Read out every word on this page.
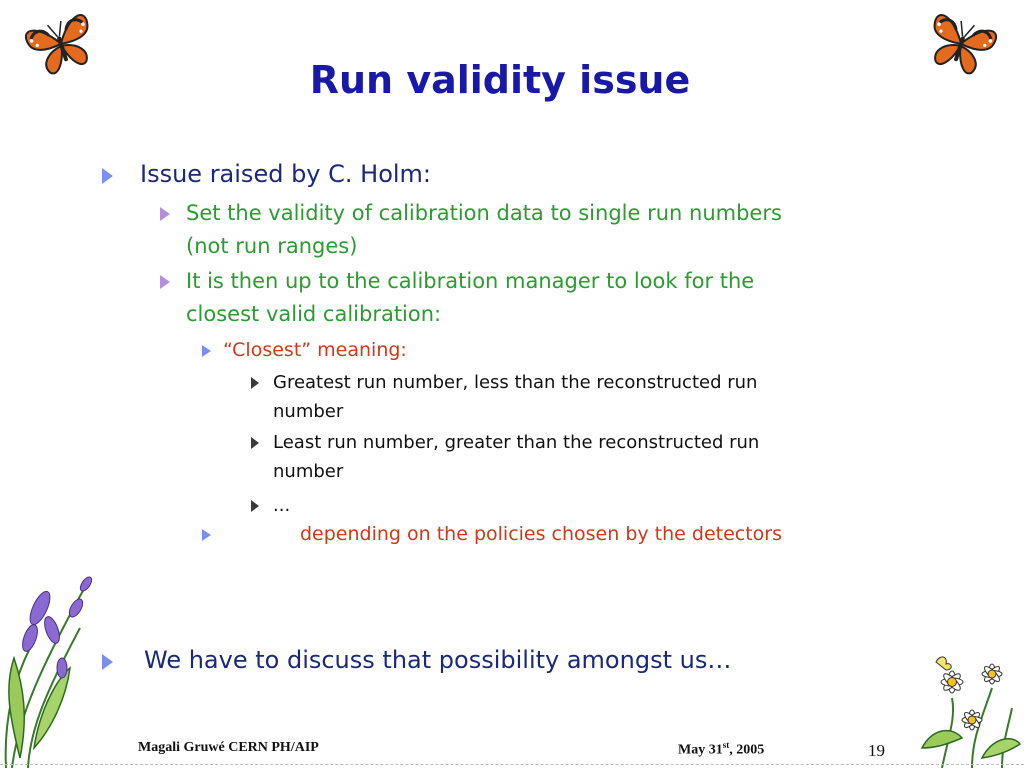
Run validity issue
Issue raised by C. Holm:
Set the validity of calibration data to single run numbers
(not run ranges)
It is then up to the calibration manager to look for the
closest valid calibration:
“Closest” meaning:
Greatest run number, less than the reconstructed run
number
Least run number, greater than the reconstructed run
number
...
depending on the policies chosen by the detectors
We have to discuss that possibility amongst us…
Magali Gruwé CERN PH/AIP	May 31st, 2005	19
